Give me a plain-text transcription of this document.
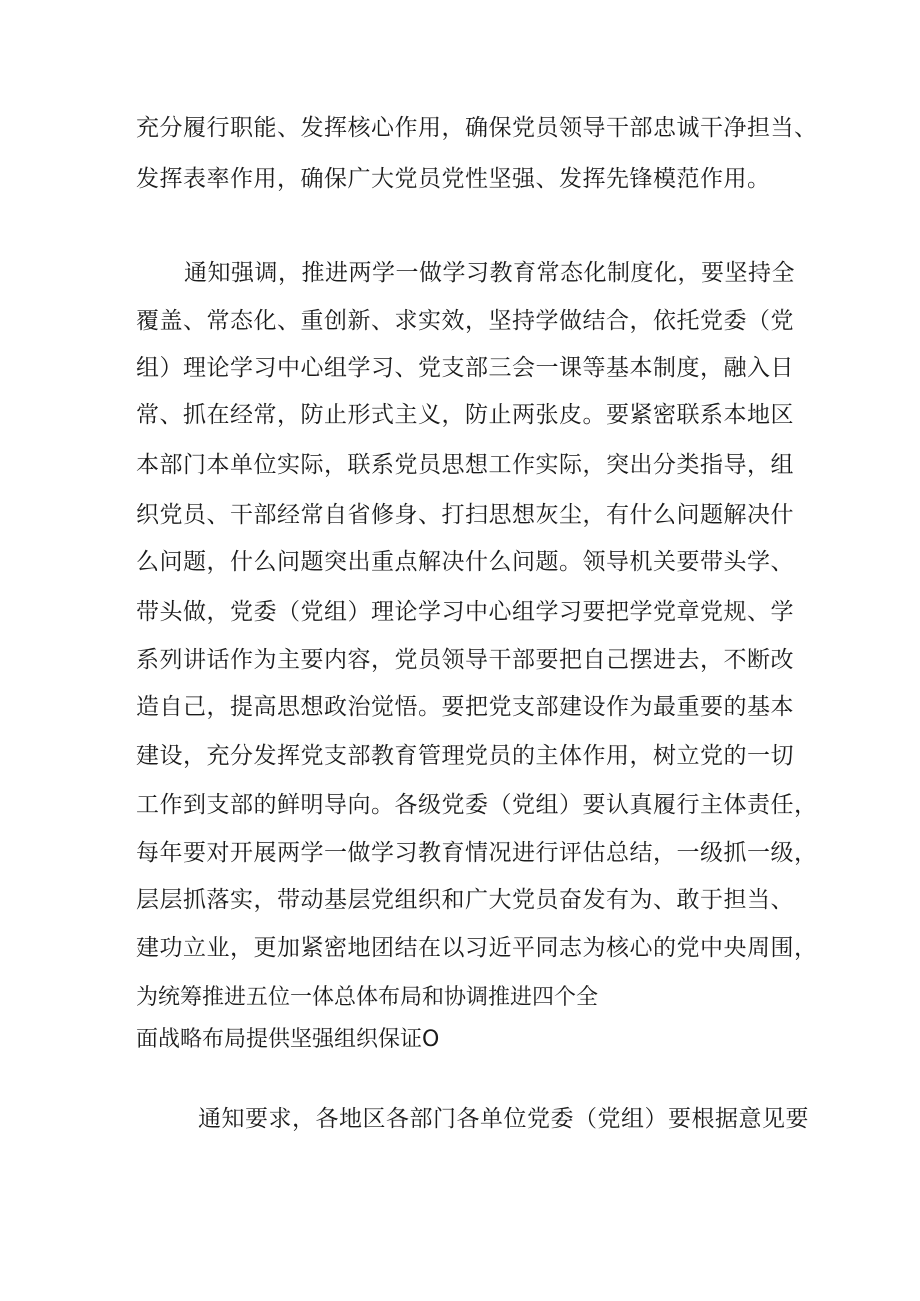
充分履行职能、发挥核心作用，确保党员领导干部忠诚干净担当、
发挥表率作用，确保广大党员党性坚强、发挥先锋模范作用。
通知强调，推进两学一做学习教育常态化制度化，要坚持全
覆盖、常态化、重创新、求实效，坚持学做结合，依托党委（党
组）理论学习中心组学习、党支部三会一课等基本制度，融入日
常、抓在经常，防止形式主义，防止两张皮。要紧密联系本地区
本部门本单位实际，联系党员思想工作实际，突出分类指导，组
织党员、干部经常自省修身、打扫思想灰尘，有什么问题解决什
么问题，什么问题突出重点解决什么问题。领导机关要带头学、
带头做，党委（党组）理论学习中心组学习要把学党章党规、学
系列讲话作为主要内容，党员领导干部要把自己摆进去，不断改
造自己，提高思想政治觉悟。要把党支部建设作为最重要的基本
建设，充分发挥党支部教育管理党员的主体作用，树立党的一切
工作到支部的鲜明导向。各级党委（党组）要认真履行主体责任，
每年要对开展两学一做学习教育情况进行评估总结，一级抓一级，
层层抓落实，带动基层党组织和广大党员奋发有为、敢于担当、
建功立业，更加紧密地团结在以习近平同志为核心的党中央周围，
为统筹推进五位一体总体布局和协调推进四个全
面战略布局提供坚强组织保证O
通知要求，各地区各部门各单位党委（党组）要根据意见要
